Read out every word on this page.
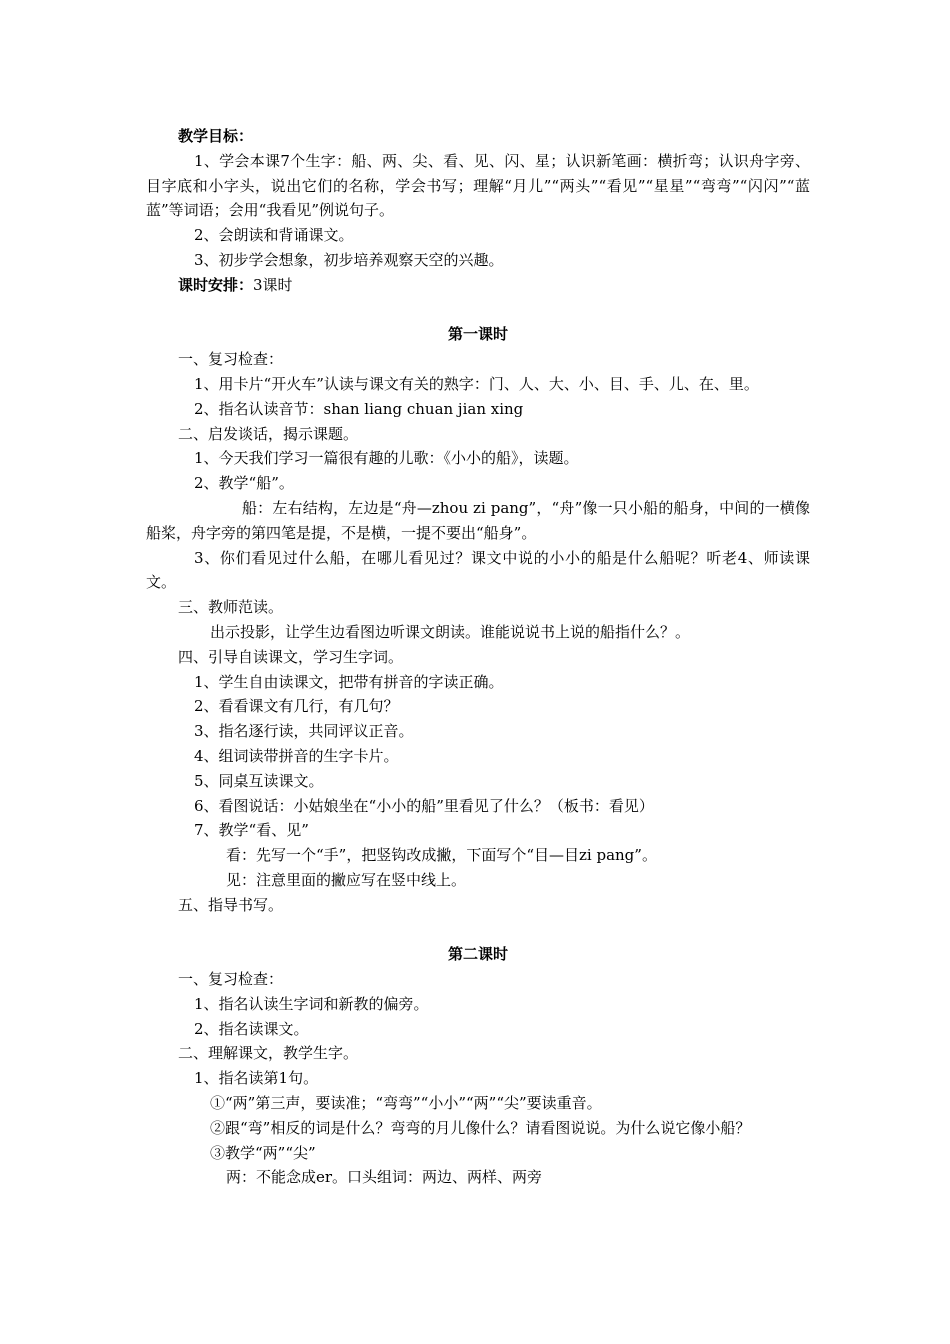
教学目标：
1、学会本课7个生字：船、两、尖、看、见、闪、星；认识新笔画：横折弯；认识舟字旁、目字底和小字头，说出它们的名称，学会书写；理解“月儿”“两头”“看见”“星星”“弯弯”“闪闪”“蓝蓝”等词语；会用“我看见”例说句子。
2、会朗读和背诵课文。
3、初步学会想象，初步培养观察天空的兴趣。
课时安排：3课时
第一课时
一、复习检查：
1、用卡片“开火车”认读与课文有关的熟字：门、人、大、小、目、手、儿、在、里。
2、指名认读音节：shan liang chuan jian xing
二、启发谈话，揭示课题。
1、今天我们学习一篇很有趣的儿歌：《小小的船》，读题。
2、教学“船”。
船：左右结构，左边是“舟—zhou zi pang”，“舟”像一只小船的船身，中间的一横像船桨，舟字旁的第四笔是提，不是横，一提不要出“船身”。
3、你们看见过什么船，在哪儿看见过？课文中说的小小的船是什么船呢？听老4、师读课文。
三、教师范读。
出示投影，让学生边看图边听课文朗读。谁能说说书上说的船指什么？。
四、引导自读课文，学习生字词。
1、学生自由读课文，把带有拼音的字读正确。
2、看看课文有几行，有几句？
3、指名逐行读，共同评议正音。
4、组词读带拼音的生字卡片。
5、同桌互读课文。
6、看图说话：小姑娘坐在“小小的船”里看见了什么？（板书：看见）
7、教学“看、见”
看：先写一个“手”，把竖钩改成撇，下面写个“目—目zi pang”。
见：注意里面的撇应写在竖中线上。
五、指导书写。
第二课时
一、复习检查：
1、指名认读生字词和新教的偏旁。
2、指名读课文。
二、理解课文，教学生字。
1、指名读第1句。
①“两”第三声，要读准；“弯弯”“小小”“两”“尖”要读重音。
②跟“弯”相反的词是什么？弯弯的月儿像什么？请看图说说。为什么说它像小船？
③教学“两”“尖”
两：不能念成er。口头组词：两边、两样、两旁
